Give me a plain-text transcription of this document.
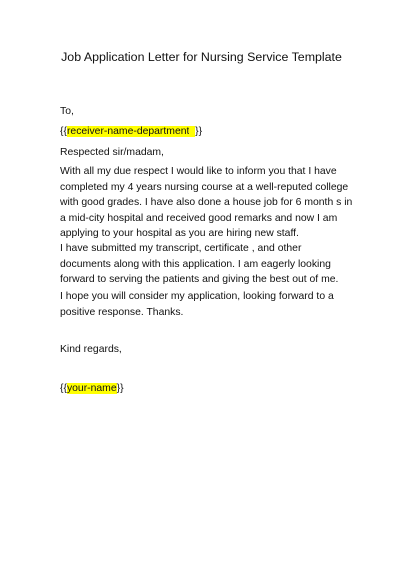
Job Application Letter for Nursing Service Template
To,
{{receiver-name-department }}
Respected sir/madam,
With all my due respect I would like to inform you that I have
completed my 4 years nursing course at a well-reputed college
with good grades. I have also done a house job for 6 month s in
a mid-city hospital and received good remarks and now I am
applying to your hospital as you are hiring new staff.
I have submitted my transcript, certificate , and other
documents along with this application. I am eagerly looking
forward to serving the patients and giving the best out of me.
I hope you will consider my application, looking forward to a
positive response. Thanks.
Kind regards,
{{your-name}}
